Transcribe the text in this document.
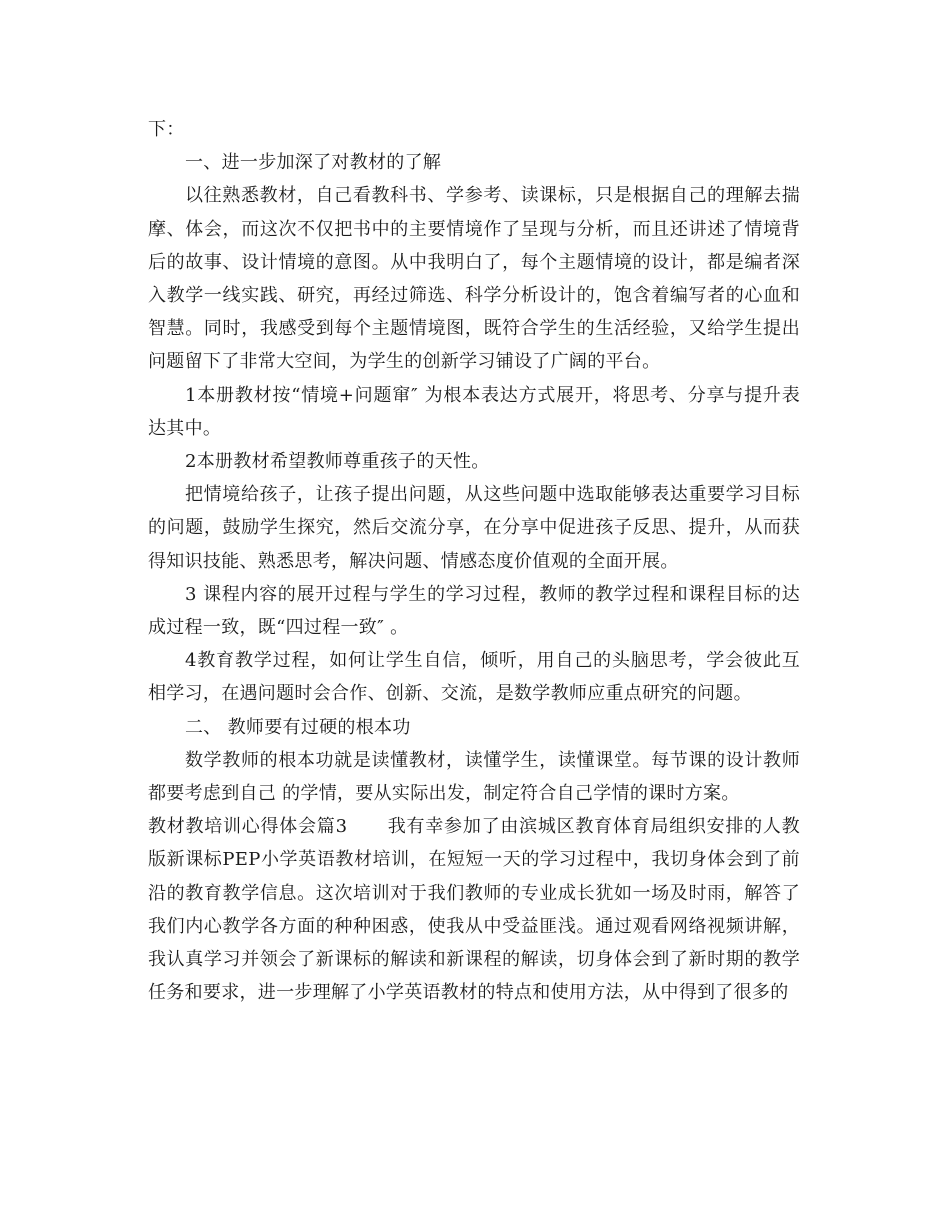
下：

一、进一步加深了对教材的了解

以往熟悉教材，自己看教科书、学参考、读课标，只是根据自己的理解去揣摩、体会，而这次不仅把书中的主要情境作了呈现与分析，而且还讲述了情境背后的故事、设计情境的意图。从中我明白了，每个主题情境的设计，都是编者深入教学一线实践、研究，再经过筛选、科学分析设计的，饱含着编写者的心血和智慧。同时，我感受到每个主题情境图，既符合学生的生活经验，又给学生提出问题留下了非常大空间，为学生的创新学习铺设了广阔的平台。

1本册教材按“情境+问题窜″ 为根本表达方式展开，将思考、分享与提升表达其中。

2本册教材希望教师尊重孩子的天性。

把情境给孩子，让孩子提出问题，从这些问题中选取能够表达重要学习目标的问题，鼓励学生探究，然后交流分享，在分享中促进孩子反思、提升，从而获得知识技能、熟悉思考，解决问题、情感态度价值观的全面开展。

3 课程内容的展开过程与学生的学习过程，教师的教学过程和课程目标的达成过程一致，既“四过程一致″ 。

4教育教学过程，如何让学生自信，倾听，用自己的头脑思考，学会彼此互相学习，在遇问题时会合作、创新、交流，是数学教师应重点研究的问题。

二、 教师要有过硬的根本功

数学教师的根本功就是读懂教材，读懂学生，读懂课堂。每节课的设计教师都要考虑到自己 的学情，要从实际出发，制定符合自己学情的课时方案。

教材教培训心得体会篇3 我有幸参加了由滨城区教育体育局组织安排的人教版新课标PEP小学英语教材培训，在短短一天的学习过程中，我切身体会到了前沿的教育教学信息。这次培训对于我们教师的专业成长犹如一场及时雨，解答了我们内心教学各方面的种种困惑，使我从中受益匪浅。通过观看网络视频讲解，我认真学习并领会了新课标的解读和新课程的解读，切身体会到了新时期的教学任务和要求，进一步理解了小学英语教材的特点和使用方法，从中得到了很多的
